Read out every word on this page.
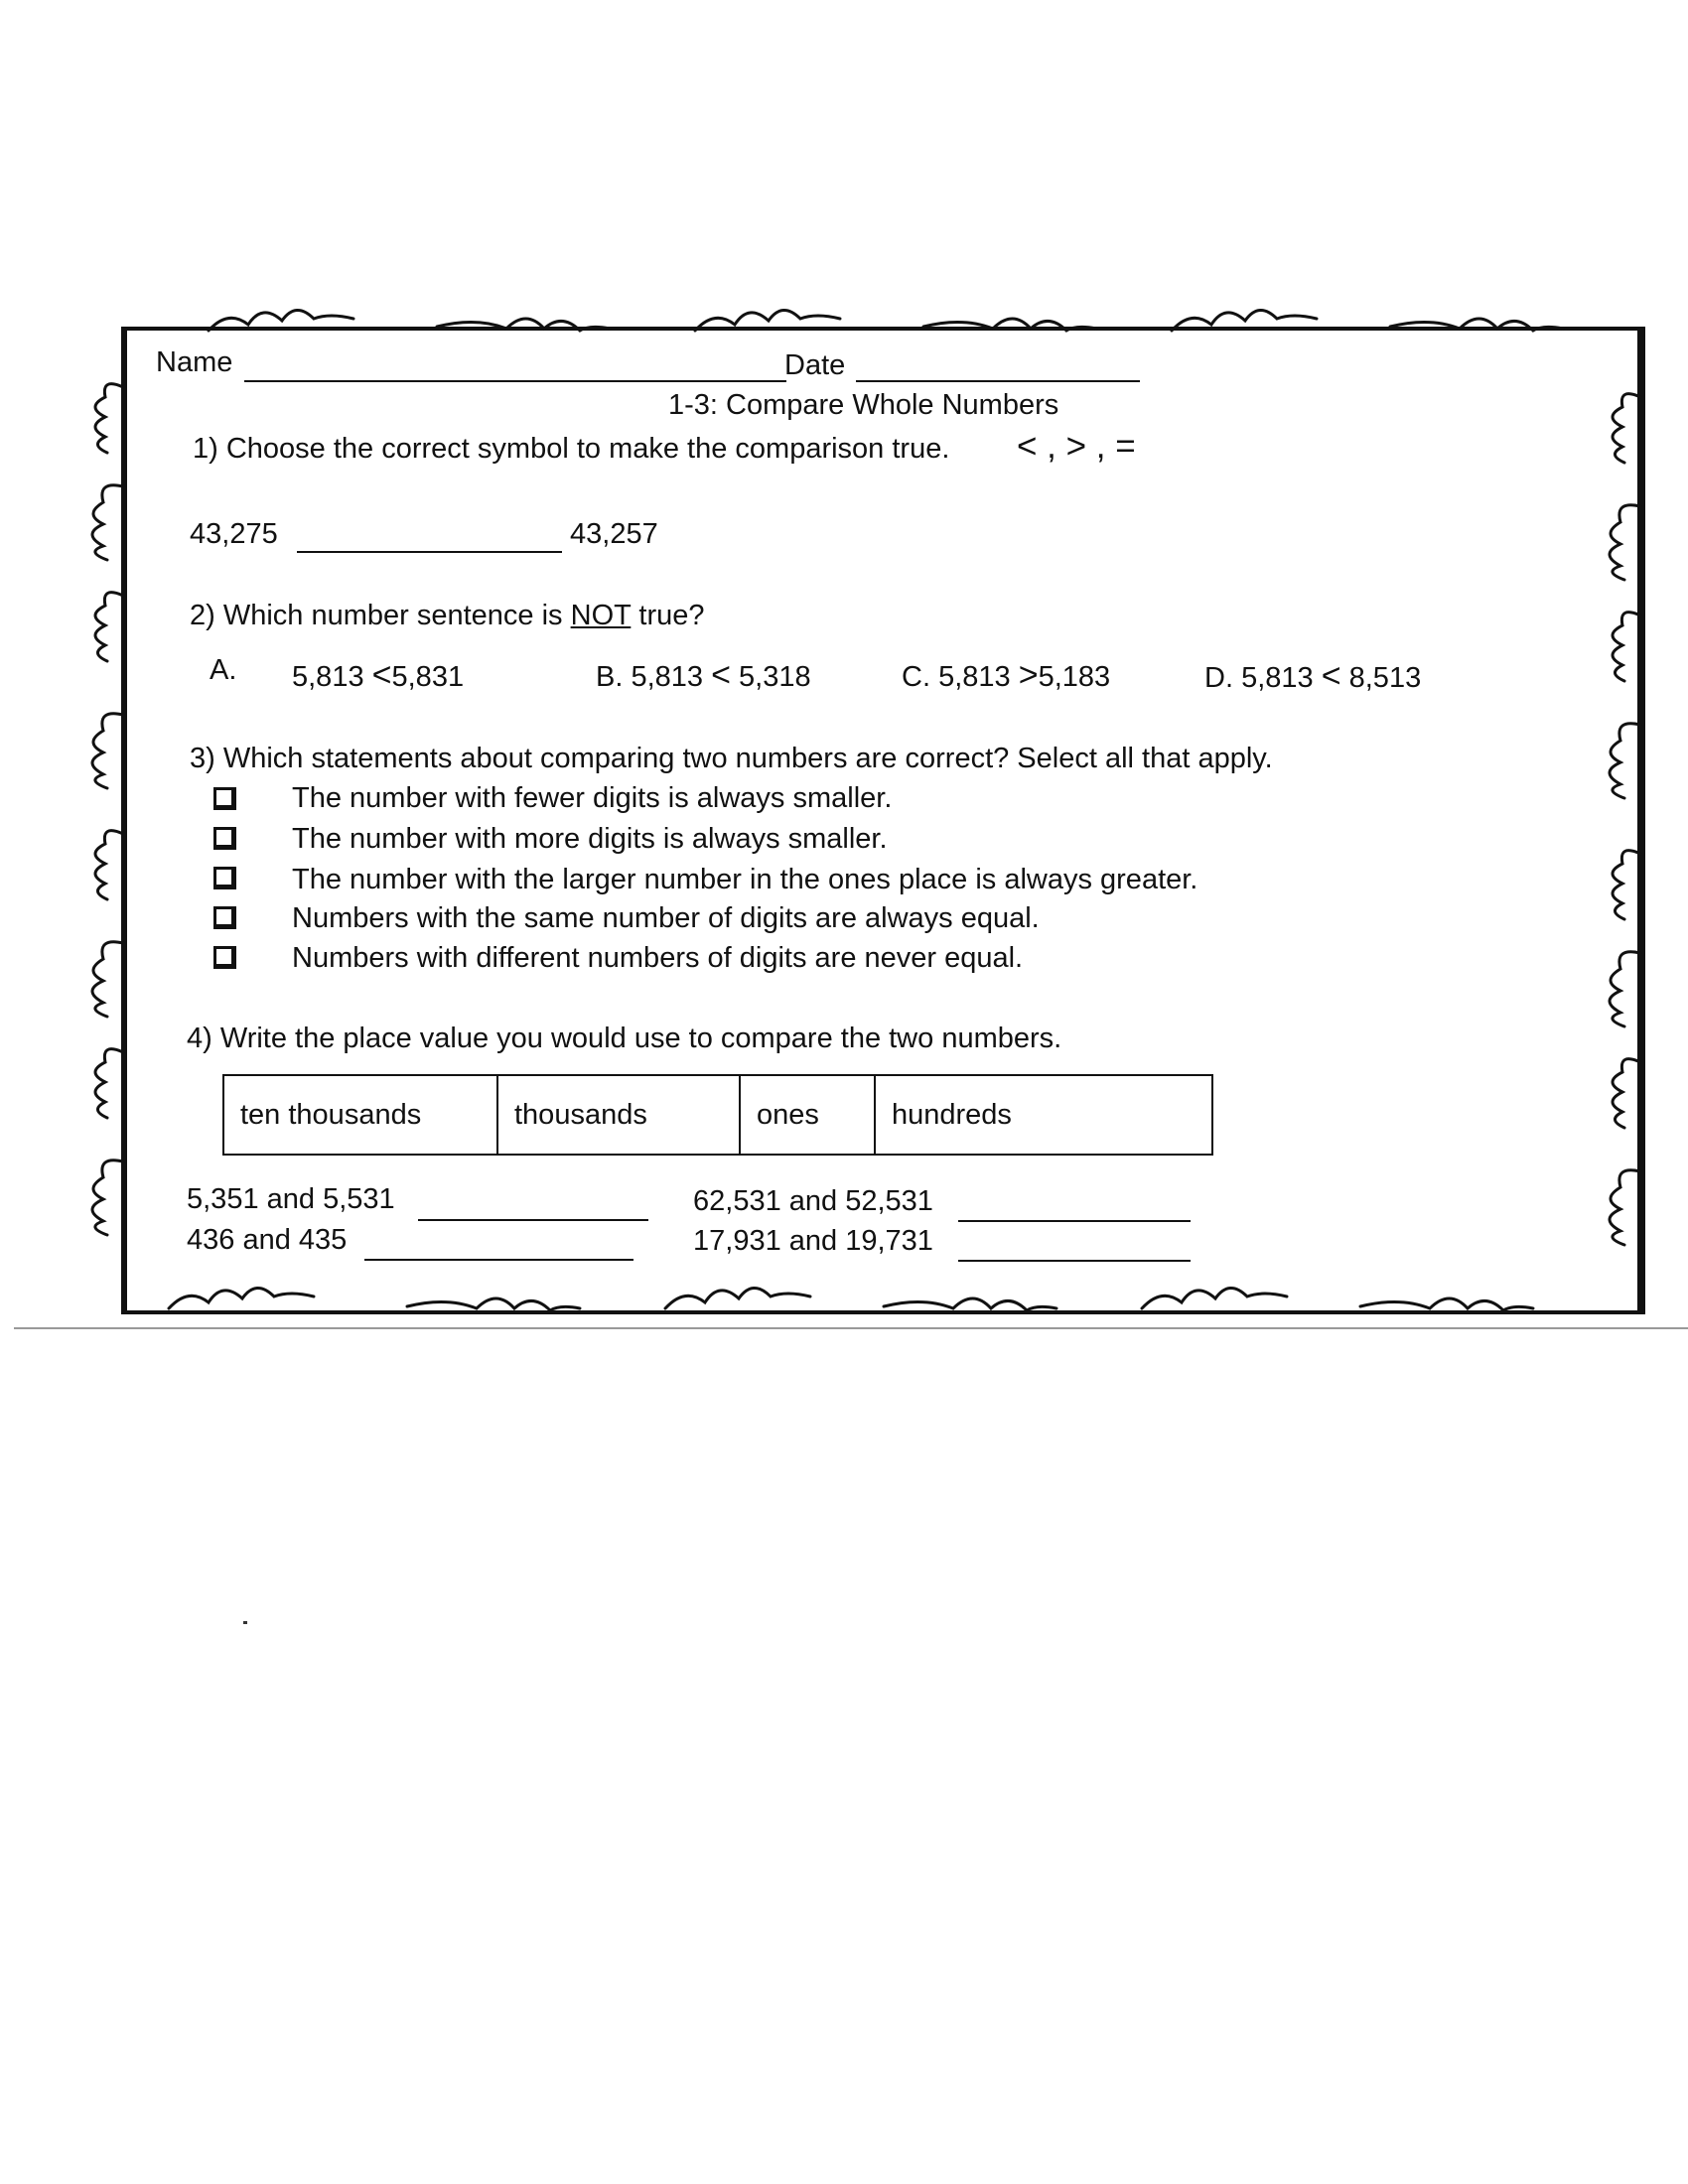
Name	Date
1-3: Compare Whole Numbers
1) Choose the correct symbol to make the comparison true. < , > , =
43,275	43,257
2) Which number sentence is NOT true?
A. 5,813 <5,831	B. 5,813 < 5,318	C. 5,813 >5,183	D. 5,813 < 8,513
3) Which statements about comparing two numbers are correct? Select all that apply.
The number with fewer digits is always smaller.
The number with more digits is always smaller.
The number with the larger number in the ones place is always greater.
Numbers with the same number of digits are always equal.
Numbers with different numbers of digits are never equal.
4) Write the place value you would use to compare the two numbers.
ten thousands	thousands	ones	hundreds
5,351 and 5,531
436 and 435
62,531 and 52,531
17,931 and 19,731
